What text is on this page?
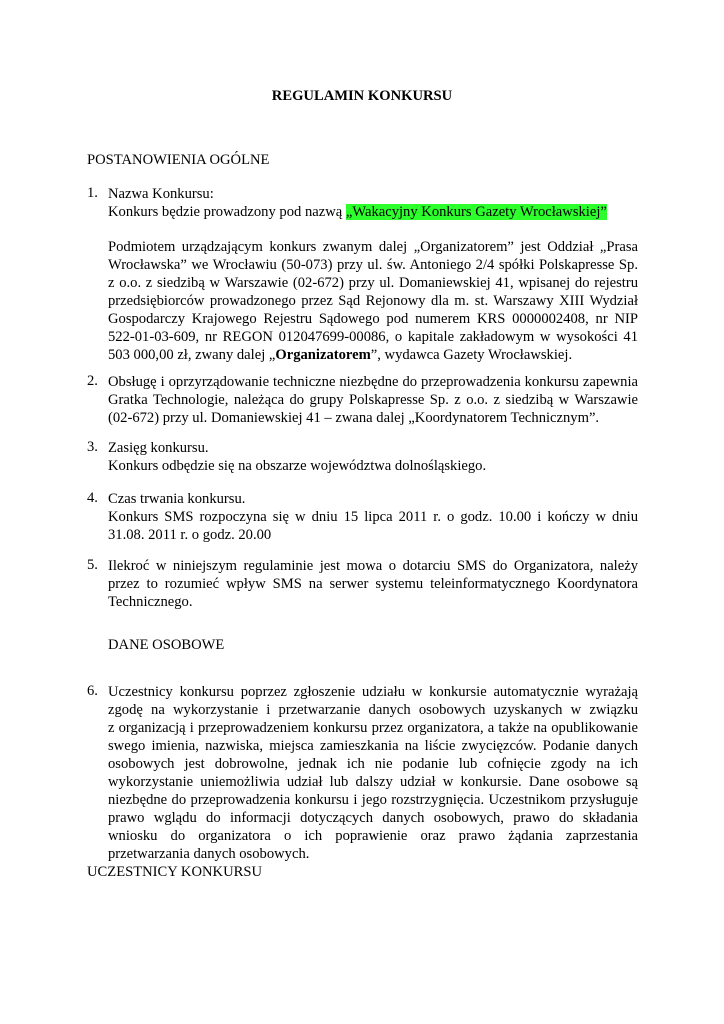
REGULAMIN KONKURSU
POSTANOWIENIA OGÓLNE
1. Nazwa Konkursu:
Konkurs będzie prowadzony pod nazwą „Wakacyjny Konkurs Gazety Wrocławskiej”
Podmiotem urządzającym konkurs zwanym dalej „Organizatorem” jest Oddział „Prasa
Wrocławska” we Wrocławiu (50-073) przy ul. św. Antoniego 2/4 spółki Polskapresse Sp.
z o.o. z siedzibą w Warszawie (02-672) przy ul. Domaniewskiej 41, wpisanej do rejestru
przedsiębiorców prowadzonego przez Sąd Rejonowy dla m. st. Warszawy XIII Wydział
Gospodarczy Krajowego Rejestru Sądowego pod numerem KRS 0000002408, nr NIP
522-01-03-609, nr REGON 012047699-00086, o kapitale zakładowym w wysokości 41
503 000,00 zł, zwany dalej „Organizatorem”, wydawca Gazety Wrocławskiej.
2. Obsługę i oprzyrządowanie techniczne niezbędne do przeprowadzenia konkursu zapewnia
Gratka Technologie, należąca do grupy Polskapresse Sp. z o.o. z siedzibą w Warszawie
(02-672) przy ul. Domaniewskiej 41 – zwana dalej „Koordynatorem Technicznym”.
3. Zasięg konkursu.
Konkurs odbędzie się na obszarze województwa dolnośląskiego.
4. Czas trwania konkursu.
Konkurs SMS rozpoczyna się w dniu 15 lipca 2011 r. o godz. 10.00 i kończy w dniu
31.08. 2011 r. o godz. 20.00
5. Ilekroć w niniejszym regulaminie jest mowa o dotarciu SMS do Organizatora, należy
przez to rozumieć wpływ SMS na serwer systemu teleinformatycznego Koordynatora
Technicznego.
DANE OSOBOWE
6. Uczestnicy konkursu poprzez zgłoszenie udziału w konkursie automatycznie wyrażają
zgodę na wykorzystanie i przetwarzanie danych osobowych uzyskanych w związku
z organizacją i przeprowadzeniem konkursu przez organizatora, a także na opublikowanie
swego imienia, nazwiska, miejsca zamieszkania na liście zwycięzców. Podanie danych
osobowych jest dobrowolne, jednak ich nie podanie lub cofnięcie zgody na ich
wykorzystanie uniemożliwia udział lub dalszy udział w konkursie. Dane osobowe są
niezbędne do przeprowadzenia konkursu i jego rozstrzygnięcia. Uczestnikom przysługuje
prawo wglądu do informacji dotyczących danych osobowych, prawo do składania
wniosku do organizatora o ich poprawienie oraz prawo żądania zaprzestania
przetwarzania danych osobowych.
UCZESTNICY KONKURSU
